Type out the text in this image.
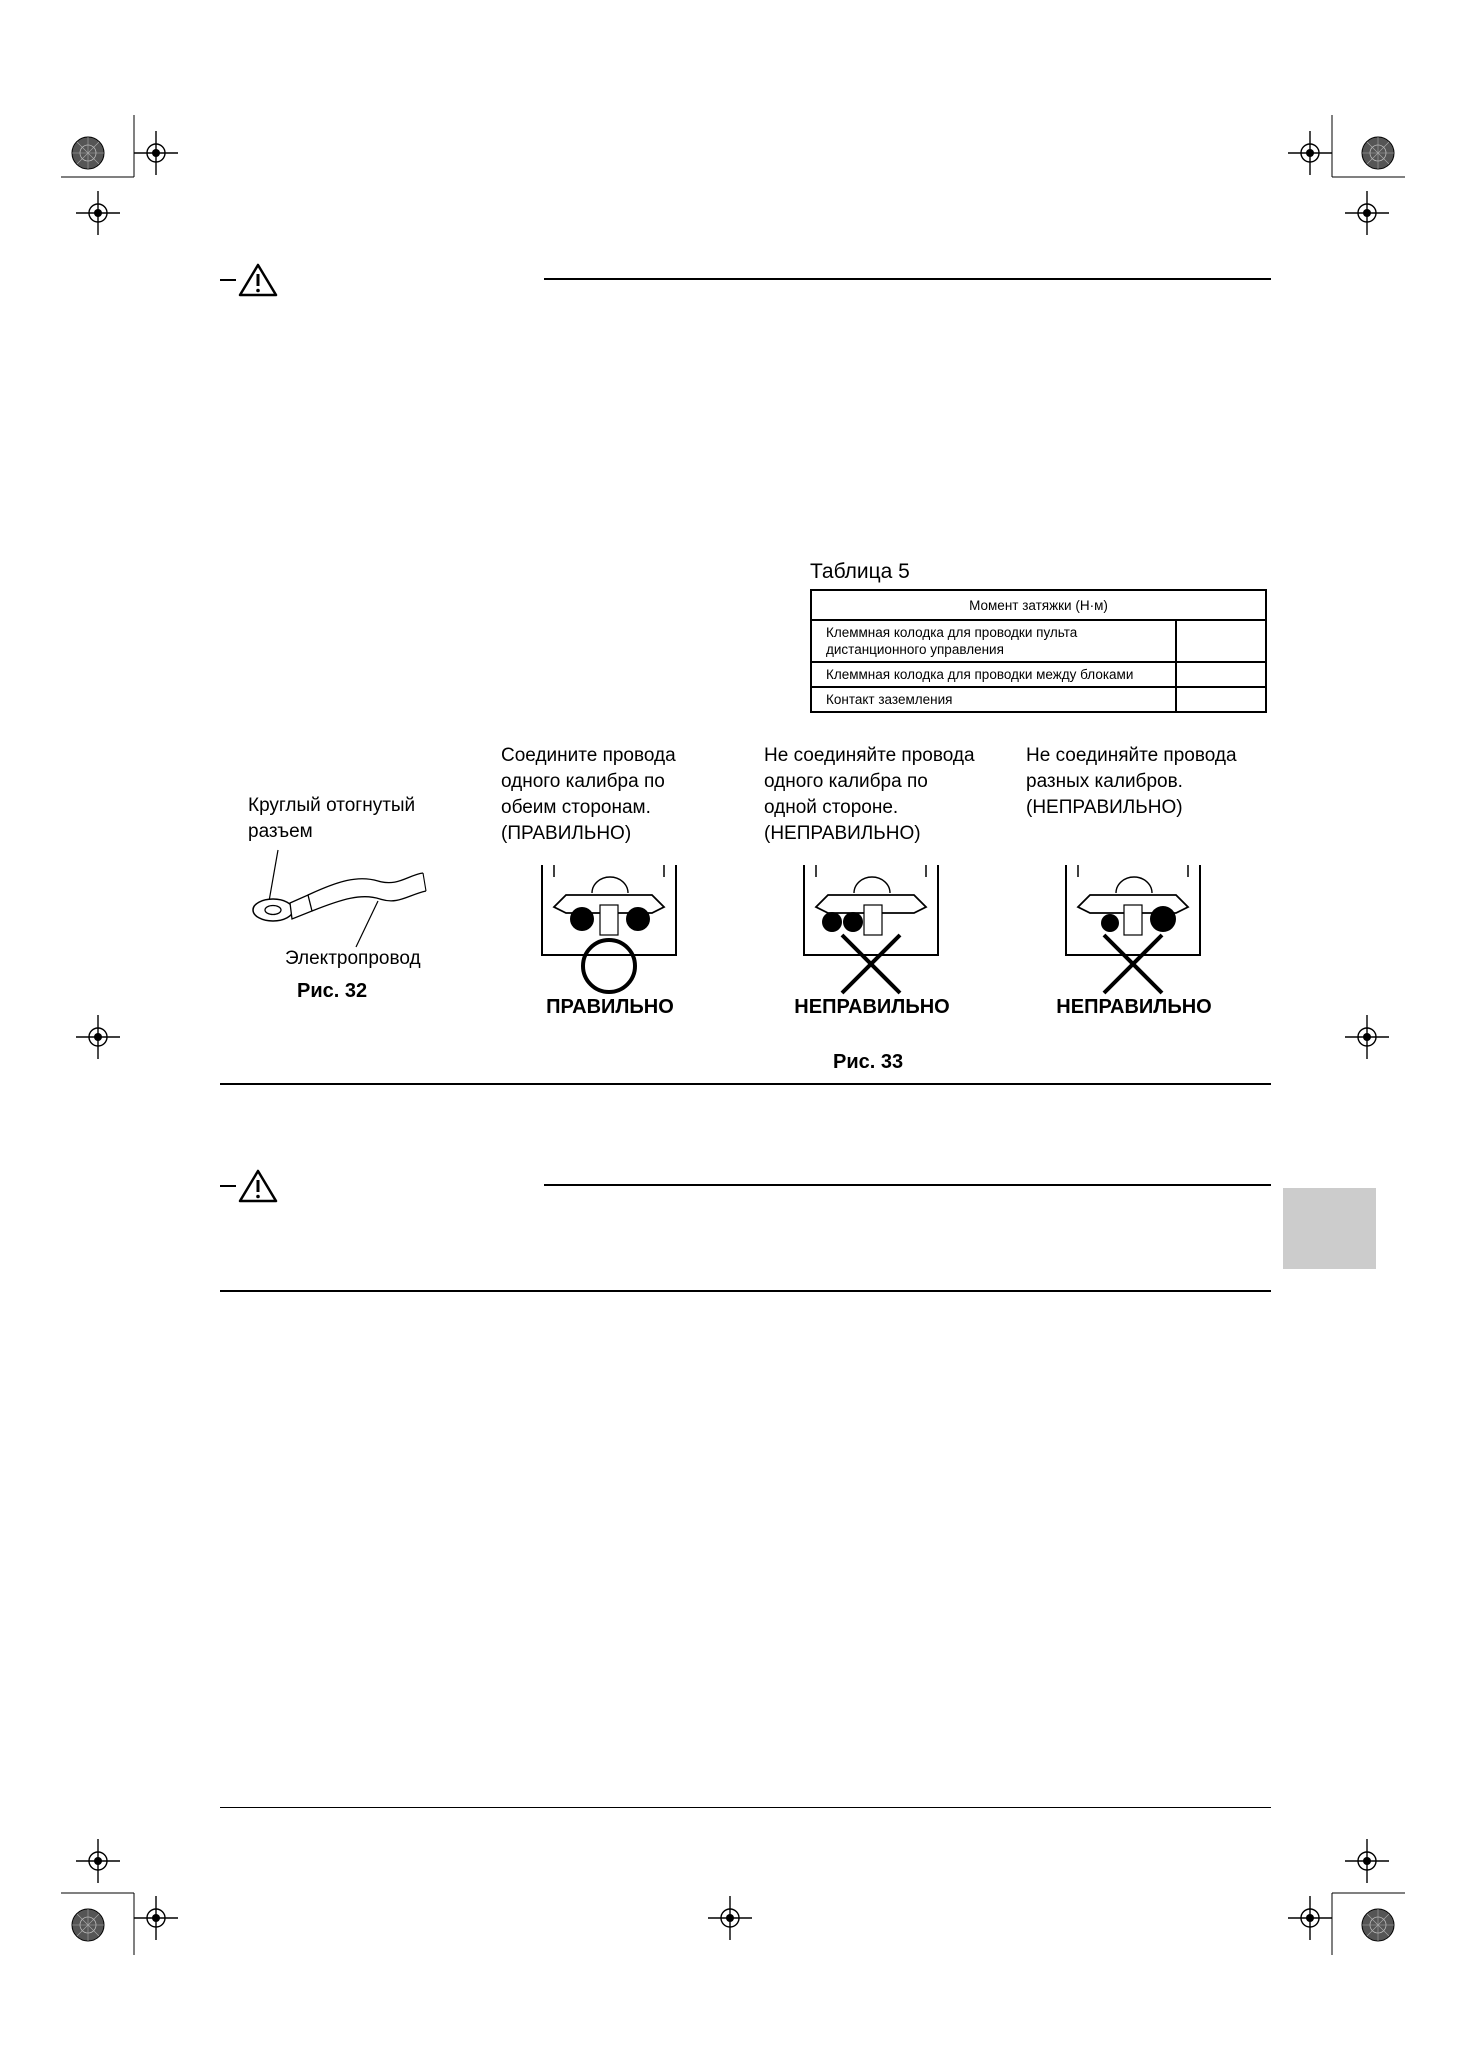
Таблица 5
Момент затяжки (Н·м)	
Клеммная колодка для проводки пульта
дистанционного управления	
Клеммная колодка для проводки между блоками	
Контакт заземления	
Круглый отогнутый
разъем
Электропровод
Рис. 32
Соедините провода
одного калибра по
обеим сторонам.
(ПРАВИЛЬНО)
Не соединяйте провода
одного калибра по
одной стороне.
(НЕПРАВИЛЬНО)
Не соединяйте провода
разных калибров.
(НЕПРАВИЛЬНО)
ПРАВИЛЬНО	НЕПРАВИЛЬНО	НЕПРАВИЛЬНО
Рис. 33
